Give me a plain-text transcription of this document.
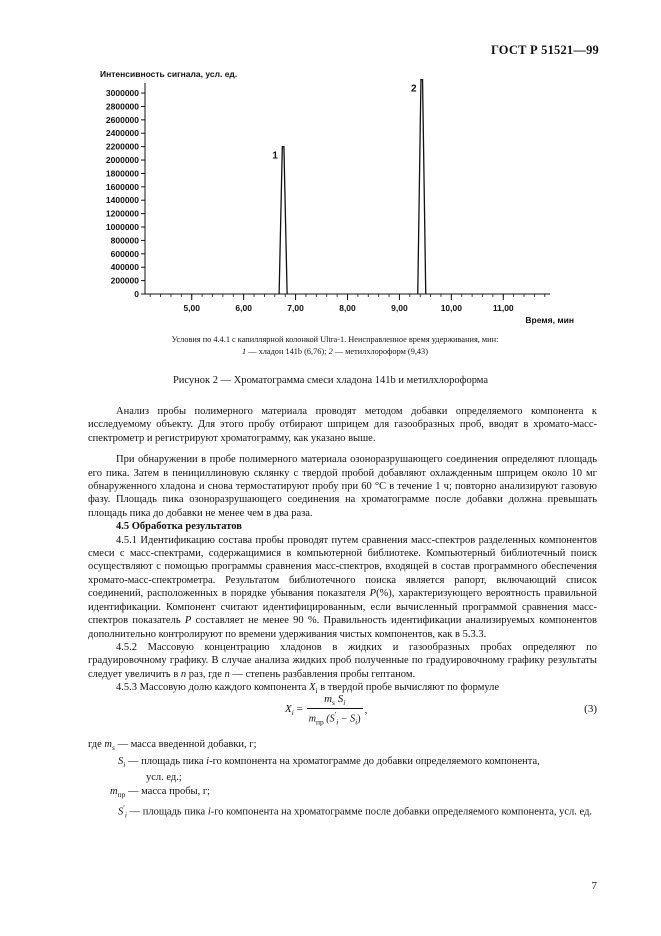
ГОСТ Р 51521—99
0
200000
400000
600000
800000
1000000
1200000
1400000
1600000
1800000
2000000
2200000
2400000
2600000
2800000
3000000
5,00	6,00	7,00	8,00	9,00	10,00	11,00
Интенсивность сигнала, усл. ед.
Время, мин
1
2
Условия по 4.4.1 с капиллярной колонкой Ultra-1. Неисправленное время удерживания, мин:
1 — хладон 141b (6,76); 2 — метилхлороформ (9,43)
Рисунок 2 — Хроматограмма смеси хладона 141b и метилхлороформа

Анализ пробы полимерного материала проводят методом добавки определяемого компонента к исследуемому объекту. Для этого пробу отбирают шприцем для газообразных проб, вводят в хромато-масс-спектрометр и регистрируют хроматограмму, как указано выше.

При обнаружении в пробе полимерного материала озоноразрушающего соединения определяют площадь его пика. Затем в пенициллиновую склянку с твердой пробой добавляют охлажденным шприцем около 10 мг обнаруженного хладона и снова термостатируют пробу при 60 °С в течение 1 ч; повторно анализируют газовую фазу. Площадь пика озоноразрушающего соединения на хроматограмме после добавки должна превышать площадь пика до добавки не менее чем в два раза.

4.5 Обработка результатов

4.5.1 Идентификацию состава пробы проводят путем сравнения масс-спектров разделенных компонентов смеси с масс-спектрами, содержащимися в компьютерной библиотеке. Компьютерный библиотечный поиск осуществляют с помощью программы сравнения масс-спектров, входящей в состав программного обеспечения хромато-масс-спектрометра. Результатом библиотечного поиска является рапорт, включающий список соединений, расположенных в порядке убывания показателя P(%), характеризующего вероятность правильной идентификации. Компонент считают идентифицированным, если вычисленный программой сравнения масс-спектров показатель P составляет не менее 90 %. Правильность идентификации анализируемых компонентов дополнительно контролируют по времени удерживания чистых компонентов, как в 5.3.3.

4.5.2 Массовую концентрацию хладонов в жидких и газообразных пробах определяют по градуировочному графику. В случае анализа жидких проб полученные по градуировочному графику результаты следует увеличить в n раз, где n — степень разбавления пробы гептаном.

4.5.3 Массовую долю каждого компонента $X_i$ в твердой пробе вычисляют по формуле

$X_i$ =	$m_s$ $S_i$	,
$m_{пр}$ $(S'_i - S_i)$
(3)
где $m_s$ — масса введенной добавки, г;
$S_i$ — площадь пика i-го компонента на хроматограмме до добавки определяемого компонента,
усл. ед.;
$m_{пр}$ — масса пробы, г;
$S'_i$ — площадь пика i-го компонента на хроматограмме после добавки определяемого компонента, усл. ед.
7
